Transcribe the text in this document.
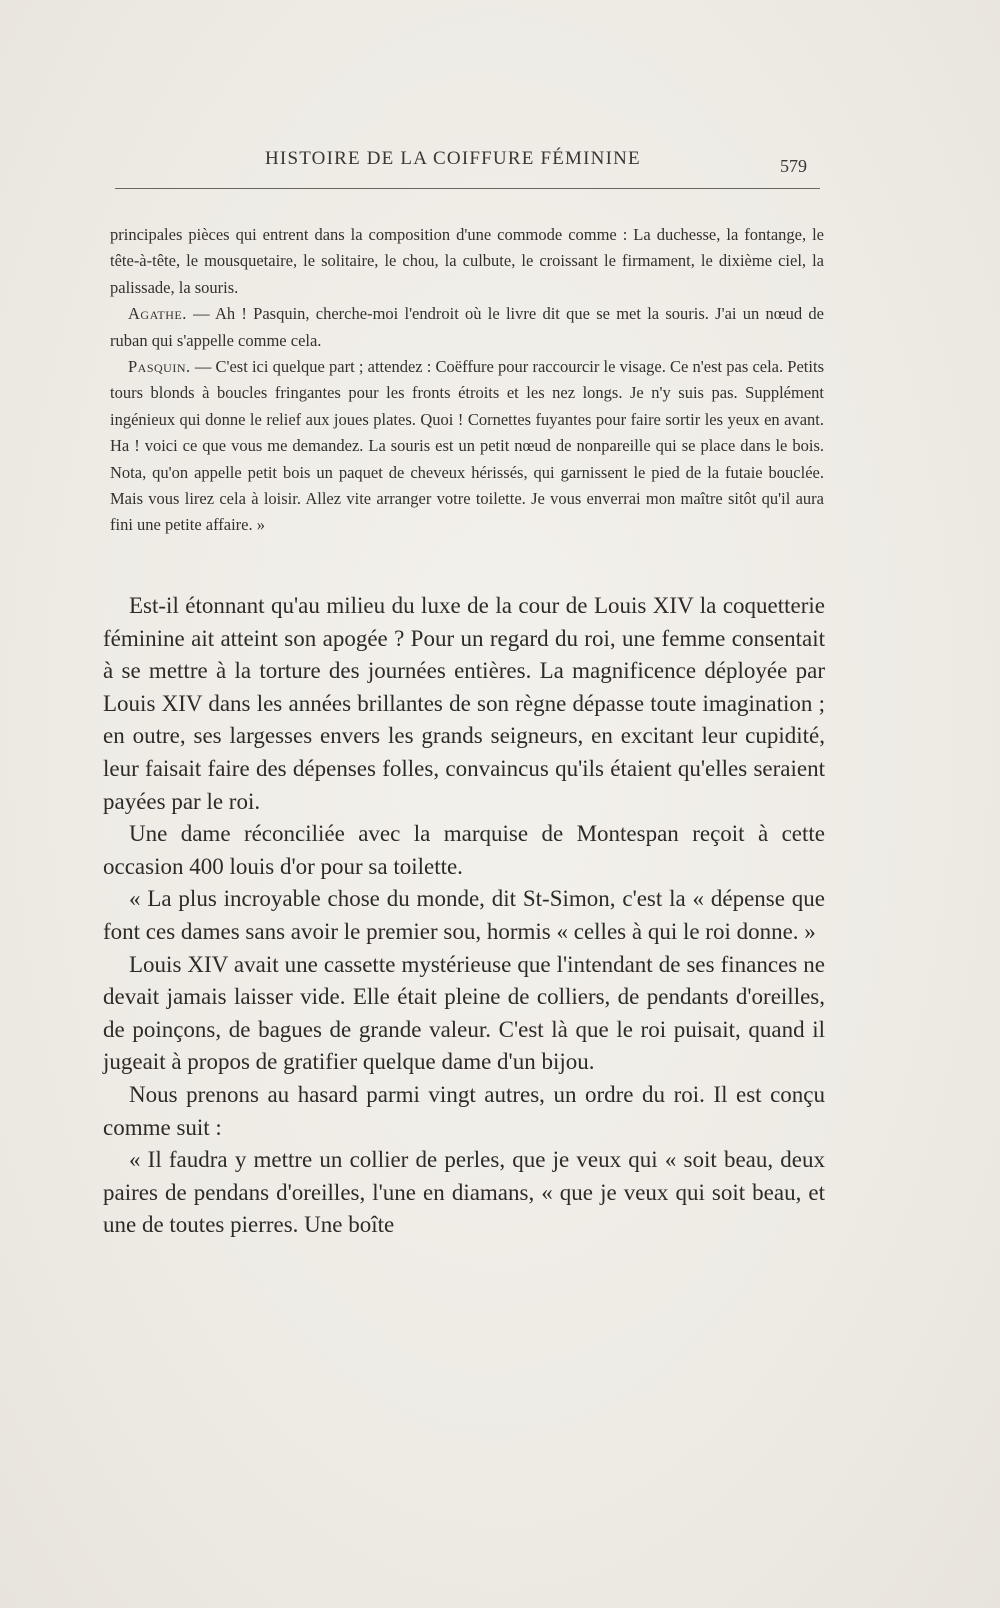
HISTOIRE DE LA COIFFURE FÉMININE	579

principales pièces qui entrent dans la composition d'une commode comme : La duchesse, la fontange, le tête-à-tête, le mousquetaire, le solitaire, le chou, la culbute, le croissant le firmament, le dixième ciel, la palissade, la souris.

Agathe. — Ah ! Pasquin, cherche-moi l'endroit où le livre dit que se met la souris. J'ai un nœud de ruban qui s'appelle comme cela.

Pasquin. — C'est ici quelque part ; attendez : Coëffure pour raccourcir le visage. Ce n'est pas cela. Petits tours blonds à boucles fringantes pour les fronts étroits et les nez longs. Je n'y suis pas. Supplément ingénieux qui donne le relief aux joues plates. Quoi ! Cornettes fuyantes pour faire sortir les yeux en avant. Ha ! voici ce que vous me demandez. La souris est un petit nœud de nonpareille qui se place dans le bois. Nota, qu'on appelle petit bois un paquet de cheveux hérissés, qui garnissent le pied de la futaie bouclée. Mais vous lirez cela à loisir. Allez vite arranger votre toilette. Je vous enverrai mon maître sitôt qu'il aura fini une petite affaire. »

Est-il étonnant qu'au milieu du luxe de la cour de Louis XIV la coquetterie féminine ait atteint son apogée ? Pour un regard du roi, une femme consentait à se mettre à la torture des journées entières. La magnificence déployée par Louis XIV dans les années brillantes de son règne dépasse toute imagination ; en outre, ses largesses envers les grands seigneurs, en excitant leur cupidité, leur faisait faire des dépenses folles, convaincus qu'ils étaient qu'elles seraient payées par le roi.

Une dame réconciliée avec la marquise de Montespan reçoit à cette occasion 400 louis d'or pour sa toilette.

« La plus incroyable chose du monde, dit St-Simon, c'est la « dépense que font ces dames sans avoir le premier sou, hormis « celles à qui le roi donne. »

Louis XIV avait une cassette mystérieuse que l'intendant de ses finances ne devait jamais laisser vide. Elle était pleine de colliers, de pendants d'oreilles, de poinçons, de bagues de grande valeur. C'est là que le roi puisait, quand il jugeait à propos de gratifier quelque dame d'un bijou.

Nous prenons au hasard parmi vingt autres, un ordre du roi. Il est conçu comme suit :

« Il faudra y mettre un collier de perles, que je veux qui « soit beau, deux paires de pendans d'oreilles, l'une en diamans, « que je veux qui soit beau, et une de toutes pierres. Une boîte
